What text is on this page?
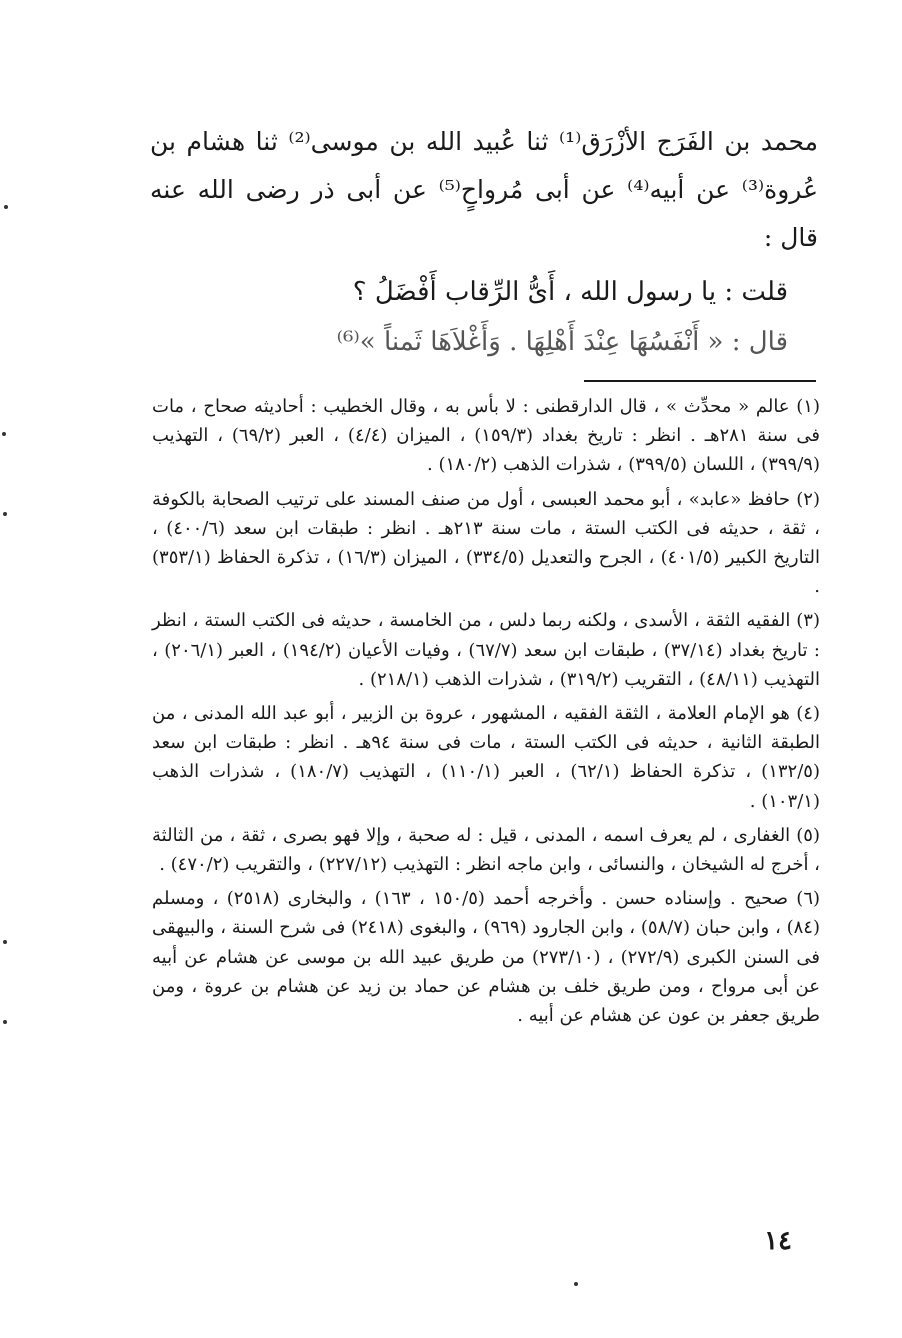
محمد بن الفَرَج الأزْرَق⁽¹⁾ ثنا عُبيد الله بن موسى⁽²⁾ ثنا هشام بن عُروة⁽³⁾ عن أبيه⁽⁴⁾ عن أبى مُرواحٍ⁽⁵⁾ عن أبى ذر رضى الله عنه قال :

قلت : يا رسول الله ، أَىُّ الرِّقاب أَفْضَلُ ؟

قال : « أَنْفَسُهَا عِنْدَ أَهْلِهَا . وَأَغْلاَهَا ثَمناً »⁽⁶⁾

(١) عالم « محدِّث » ، قال الدارقطنى : لا بأس به ، وقال الخطيب : أحاديثه صحاح ، مات فى سنة ٢٨١هـ . انظر : تاريخ بغداد (١٥٩/٣) ، الميزان (٤/٤) ، العبر (٦٩/٢) ، التهذيب (٣٩٩/٩) ، اللسان (٣٩٩/٥) ، شذرات الذهب (١٨٠/٢) .

(٢) حافظ «عابد» ، أبو محمد العبسى ، أول من صنف المسند على ترتيب الصحابة بالكوفة ، ثقة ، حديثه فى الكتب الستة ، مات سنة ٢١٣هـ . انظر : طبقات ابن سعد (٤٠٠/٦) ، التاريخ الكبير (٤٠١/٥) ، الجرح والتعديل (٣٣٤/٥) ، الميزان (١٦/٣) ، تذكرة الحفاظ (٣٥٣/١) .

(٣) الفقيه الثقة ، الأسدى ، ولكنه ربما دلس ، من الخامسة ، حديثه فى الكتب الستة ، انظر : تاريخ بغداد (٣٧/١٤) ، طبقات ابن سعد (٦٧/٧) ، وفيات الأعيان (١٩٤/٢) ، العبر (٢٠٦/١) ، التهذيب (٤٨/١١) ، التقريب (٣١٩/٢) ، شذرات الذهب (٢١٨/١) .

(٤) هو الإمام العلامة ، الثقة الفقيه ، المشهور ، عروة بن الزبير ، أبو عبد الله المدنى ، من الطبقة الثانية ، حديثه فى الكتب الستة ، مات فى سنة ٩٤هـ . انظر : طبقات ابن سعد (١٣٢/٥) ، تذكرة الحفاظ (٦٢/١) ، العبر (١١٠/١) ، التهذيب (١٨٠/٧) ، شذرات الذهب (١٠٣/١) .

(٥) الغفارى ، لم يعرف اسمه ، المدنى ، قيل : له صحبة ، وإلا فهو بصرى ، ثقة ، من الثالثة ، أخرج له الشيخان ، والنسائى ، وابن ماجه انظر : التهذيب (٢٢٧/١٢) ، والتقريب (٤٧٠/٢) .

(٦) صحيح . وإسناده حسن . وأخرجه أحمد (١٥٠/٥ ، ١٦٣) ، والبخارى (٢٥١٨) ، ومسلم (٨٤) ، وابن حبان (٥٨/٧) ، وابن الجارود (٩٦٩) ، والبغوى (٢٤١٨) فى شرح السنة ، والبيهقى فى السنن الكبرى (٢٧٢/٩) ، (٢٧٣/١٠) من طريق عبيد الله بن موسى عن هشام عن أبيه عن أبى مرواح ، ومن طريق خلف بن هشام عن حماد بن زيد عن هشام بن عروة ، ومن طريق جعفر بن عون عن هشام عن أبيه .

١٤
